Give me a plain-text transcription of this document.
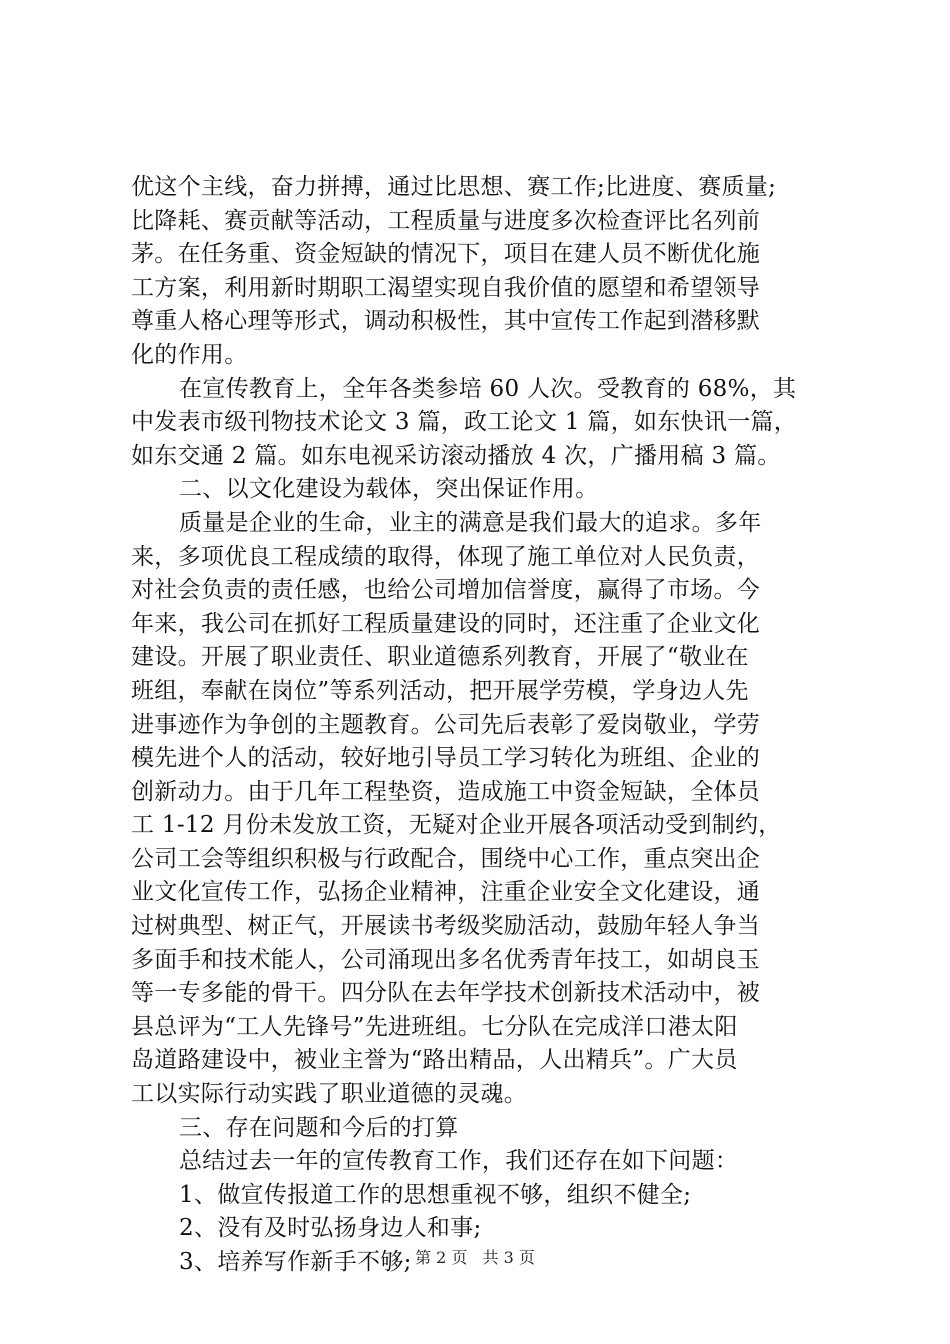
优这个主线，奋力拼搏，通过比思想、赛工作;比进度、赛质量;
比降耗、赛贡献等活动，工程质量与进度多次检查评比名列前
茅。在任务重、资金短缺的情况下，项目在建人员不断优化施
工方案，利用新时期职工渴望实现自我价值的愿望和希望领导
尊重人格心理等形式，调动积极性，其中宣传工作起到潜移默
化的作用。
在宣传教育上，全年各类参培 60 人次。受教育的 68%，其
中发表市级刊物技术论文 3 篇，政工论文 1 篇，如东快讯一篇，
如东交通 2 篇。如东电视采访滚动播放 4 次，广播用稿 3 篇。
二、以文化建设为载体，突出保证作用。
质量是企业的生命，业主的满意是我们最大的追求。多年
来，多项优良工程成绩的取得，体现了施工单位对人民负责，
对社会负责的责任感，也给公司增加信誉度，赢得了市场。今
年来，我公司在抓好工程质量建设的同时，还注重了企业文化
建设。开展了职业责任、职业道德系列教育，开展了“敬业在
班组，奉献在岗位”等系列活动，把开展学劳模，学身边人先
进事迹作为争创的主题教育。公司先后表彰了爱岗敬业，学劳
模先进个人的活动，较好地引导员工学习转化为班组、企业的
创新动力。由于几年工程垫资，造成施工中资金短缺，全体员
工 1-12 月份未发放工资，无疑对企业开展各项活动受到制约，
公司工会等组织积极与行政配合，围绕中心工作，重点突出企
业文化宣传工作，弘扬企业精神，注重企业安全文化建设，通
过树典型、树正气，开展读书考级奖励活动，鼓励年轻人争当
多面手和技术能人，公司涌现出多名优秀青年技工，如胡良玉
等一专多能的骨干。四分队在去年学技术创新技术活动中，被
县总评为“工人先锋号”先进班组。七分队在完成洋口港太阳
岛道路建设中，被业主誉为“路出精品，人出精兵”。广大员
工以实际行动实践了职业道德的灵魂。
三、存在问题和今后的打算
总结过去一年的宣传教育工作，我们还存在如下问题：
1、做宣传报道工作的思想重视不够，组织不健全;
2、没有及时弘扬身边人和事;
3、培养写作新手不够; 第 2 页 共 3 页
